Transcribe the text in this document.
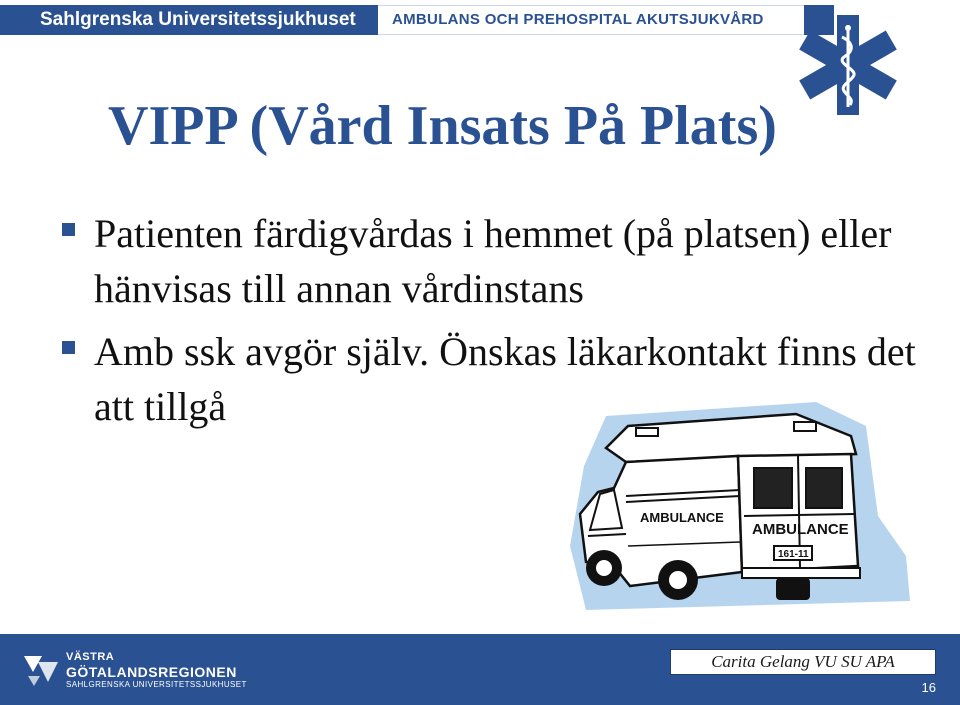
Sahlgrenska Universitetssjukhuset	AMBULANS OCH PREHOSPITAL AKUTSJUKVÅRD
VIPP (Vård Insats På Plats)
Patienten färdigvårdas i hemmet (på platsen) eller hänvisas till annan vårdinstans
Amb ssk avgör själv. Önskas läkarkontakt finns det att tillgå
AMBULANCE
AMBULANCE
161-11
VÄSTRA
GÖTALANDSREGIONEN
SAHLGRENSKA UNIVERSITETSSJUKHUSET
Carita Gelang VU SU APA
16
